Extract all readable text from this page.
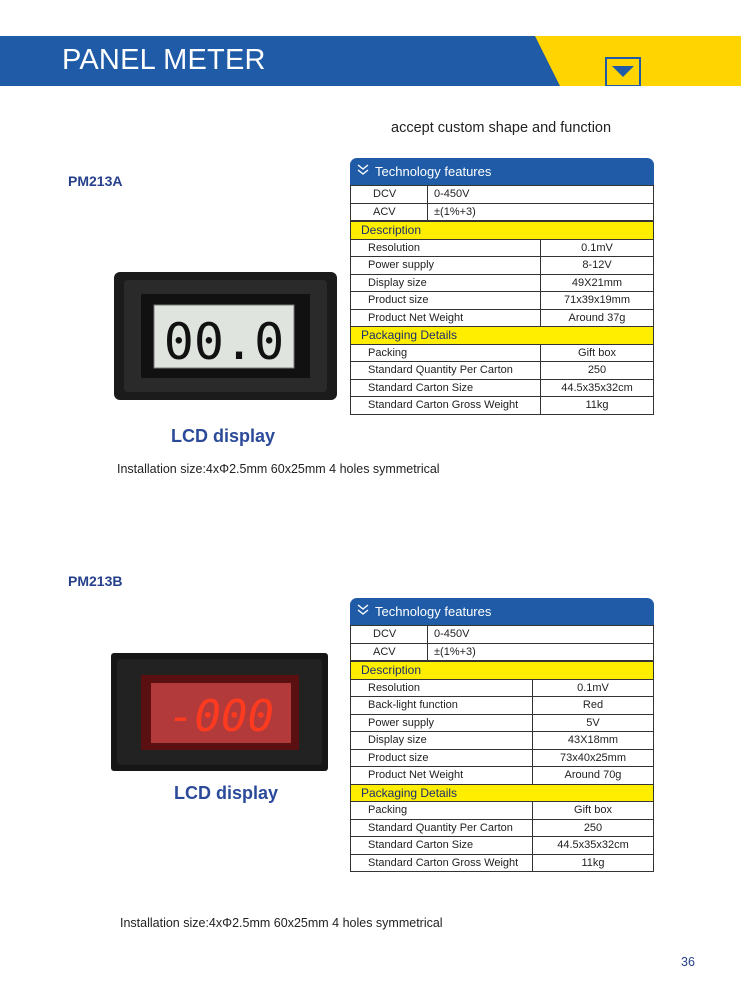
PANEL METER
accept custom shape and function
PM213A
00.0
LCD display
Installation size:4xΦ2.5mm 60x25mm 4 holes symmetrical
Technology features
DCV	0-450V
ACV	±(1%+3)
Description	
Resolution	0.1mV
Power supply	8-12V
Display size	49X21mm
Product size	71x39x19mm
Product Net Weight	Around 37g
Packaging Details	
Packing	Gift box
Standard Quantity Per Carton	250
Standard Carton Size	44.5x35x32cm
Standard Carton Gross Weight	11kg
PM213B
-000
LCD display
Installation size:4xΦ2.5mm 60x25mm 4 holes symmetrical
Technology features
DCV	0-450V
ACV	±(1%+3)
Description	
Resolution	0.1mV
Back-light function	Red
Power supply	5V
Display size	43X18mm
Product size	73x40x25mm
Product Net Weight	Around 70g
Packaging Details	
Packing	Gift box
Standard Quantity Per Carton	250
Standard Carton Size	44.5x35x32cm
Standard Carton Gross Weight	11kg
36
